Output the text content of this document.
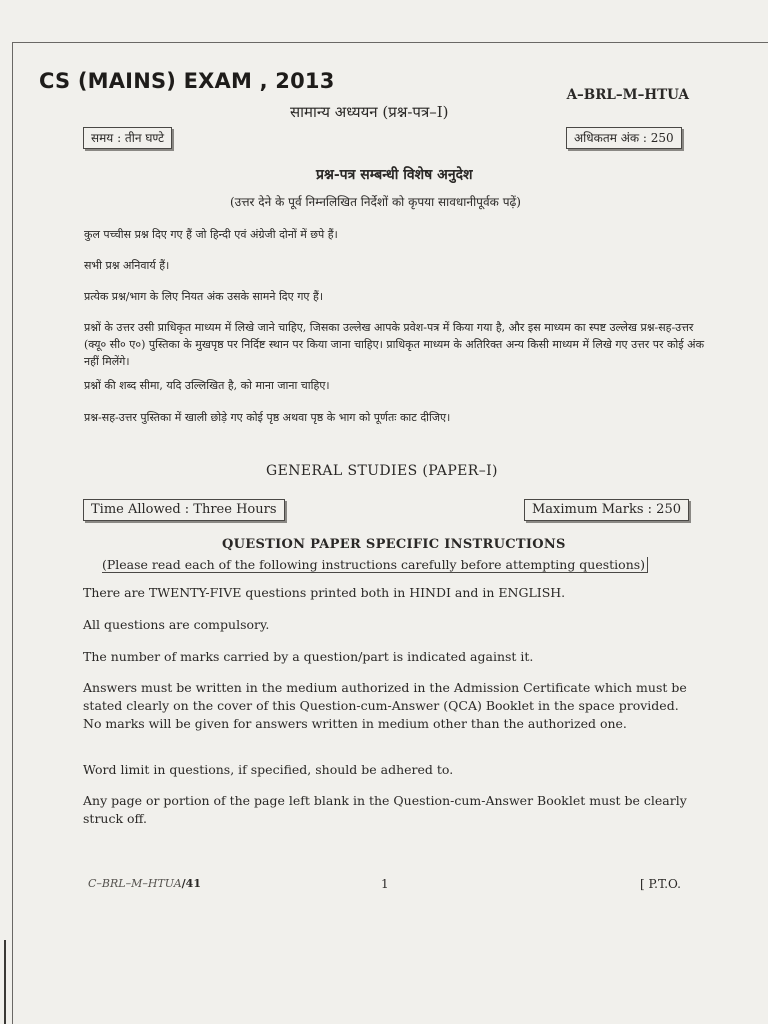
CS (MAINS) EXAM , 2013
A–BRL–M–HTUA
सामान्य अध्ययन (प्रश्न-पत्र–I)
समय : तीन घण्टे	अधिकतम अंक : 250
प्रश्न-पत्र सम्बन्धी विशेष अनुदेश
(उत्तर देने के पूर्व निम्नलिखित निर्देशों को कृपया सावधानीपूर्वक पढ़ें)
कुल पच्चीस प्रश्न दिए गए हैं जो हिन्दी एवं अंग्रेजी दोनों में छपे हैं।
सभी प्रश्न अनिवार्य हैं।
प्रत्येक प्रश्न/भाग के लिए नियत अंक उसके सामने दिए गए हैं।
प्रश्नों के उत्तर उसी प्राधिकृत माध्यम में लिखे जाने चाहिए, जिसका उल्लेख आपके प्रवेश-पत्र में किया गया है, और इस माध्यम का स्पष्ट उल्लेख प्रश्न-सह-उत्तर (क्यू० सी० ए०) पुस्तिका के मुखपृष्ठ पर निर्दिष्ट स्थान पर किया जाना चाहिए। प्राधिकृत माध्यम के अतिरिक्त अन्य किसी माध्यम में लिखे गए उत्तर पर कोई अंक नहीं मिलेंगे।
प्रश्नों की शब्द सीमा, यदि उल्लिखित है, को माना जाना चाहिए।
प्रश्न-सह-उत्तर पुस्तिका में खाली छोड़े गए कोई पृष्ठ अथवा पृष्ठ के भाग को पूर्णतः काट दीजिए।
GENERAL STUDIES (PAPER–I)
Time Allowed : Three Hours	Maximum Marks : 250
QUESTION PAPER SPECIFIC INSTRUCTIONS
(Please read each of the following instructions carefully before attempting questions)
There are TWENTY-FIVE questions printed both in HINDI and in ENGLISH.
All questions are compulsory.
The number of marks carried by a question/part is indicated against it.
Answers must be written in the medium authorized in the Admission Certificate which must be stated clearly on the cover of this Question-cum-Answer (QCA) Booklet in the space provided. No marks will be given for answers written in medium other than the authorized one.
Word limit in questions, if specified, should be adhered to.
Any page or portion of the page left blank in the Question-cum-Answer Booklet must be clearly struck off.
C–BRL–M–HTUA/41	1	[ P.T.O.
